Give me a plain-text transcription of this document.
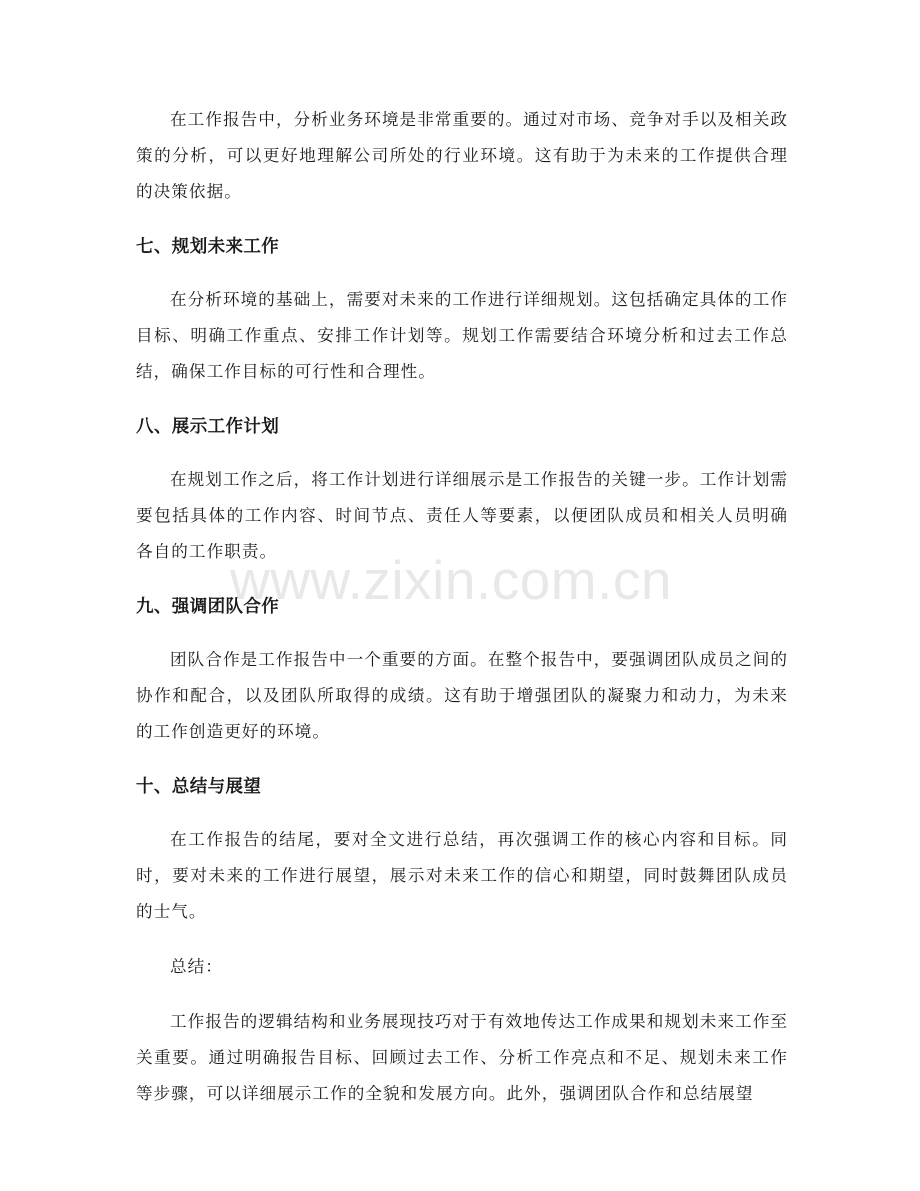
www.zixin.com.cn

在工作报告中，分析业务环境是非常重要的。通过对市场、竞争对手以及相关政策的分析，可以更好地理解公司所处的行业环境。这有助于为未来的工作提供合理的决策依据。

七、规划未来工作

在分析环境的基础上，需要对未来的工作进行详细规划。这包括确定具体的工作目标、明确工作重点、安排工作计划等。规划工作需要结合环境分析和过去工作总结，确保工作目标的可行性和合理性。

八、展示工作计划

在规划工作之后，将工作计划进行详细展示是工作报告的关键一步。工作计划需要包括具体的工作内容、时间节点、责任人等要素，以便团队成员和相关人员明确各自的工作职责。

九、强调团队合作

团队合作是工作报告中一个重要的方面。在整个报告中，要强调团队成员之间的协作和配合，以及团队所取得的成绩。这有助于增强团队的凝聚力和动力，为未来的工作创造更好的环境。

十、总结与展望

在工作报告的结尾，要对全文进行总结，再次强调工作的核心内容和目标。同时，要对未来的工作进行展望，展示对未来工作的信心和期望，同时鼓舞团队成员的士气。

总结：

工作报告的逻辑结构和业务展现技巧对于有效地传达工作成果和规划未来工作至关重要。通过明确报告目标、回顾过去工作、分析工作亮点和不足、规划未来工作等步骤，可以详细展示工作的全貌和发展方向。此外，强调团队合作和总结展望
